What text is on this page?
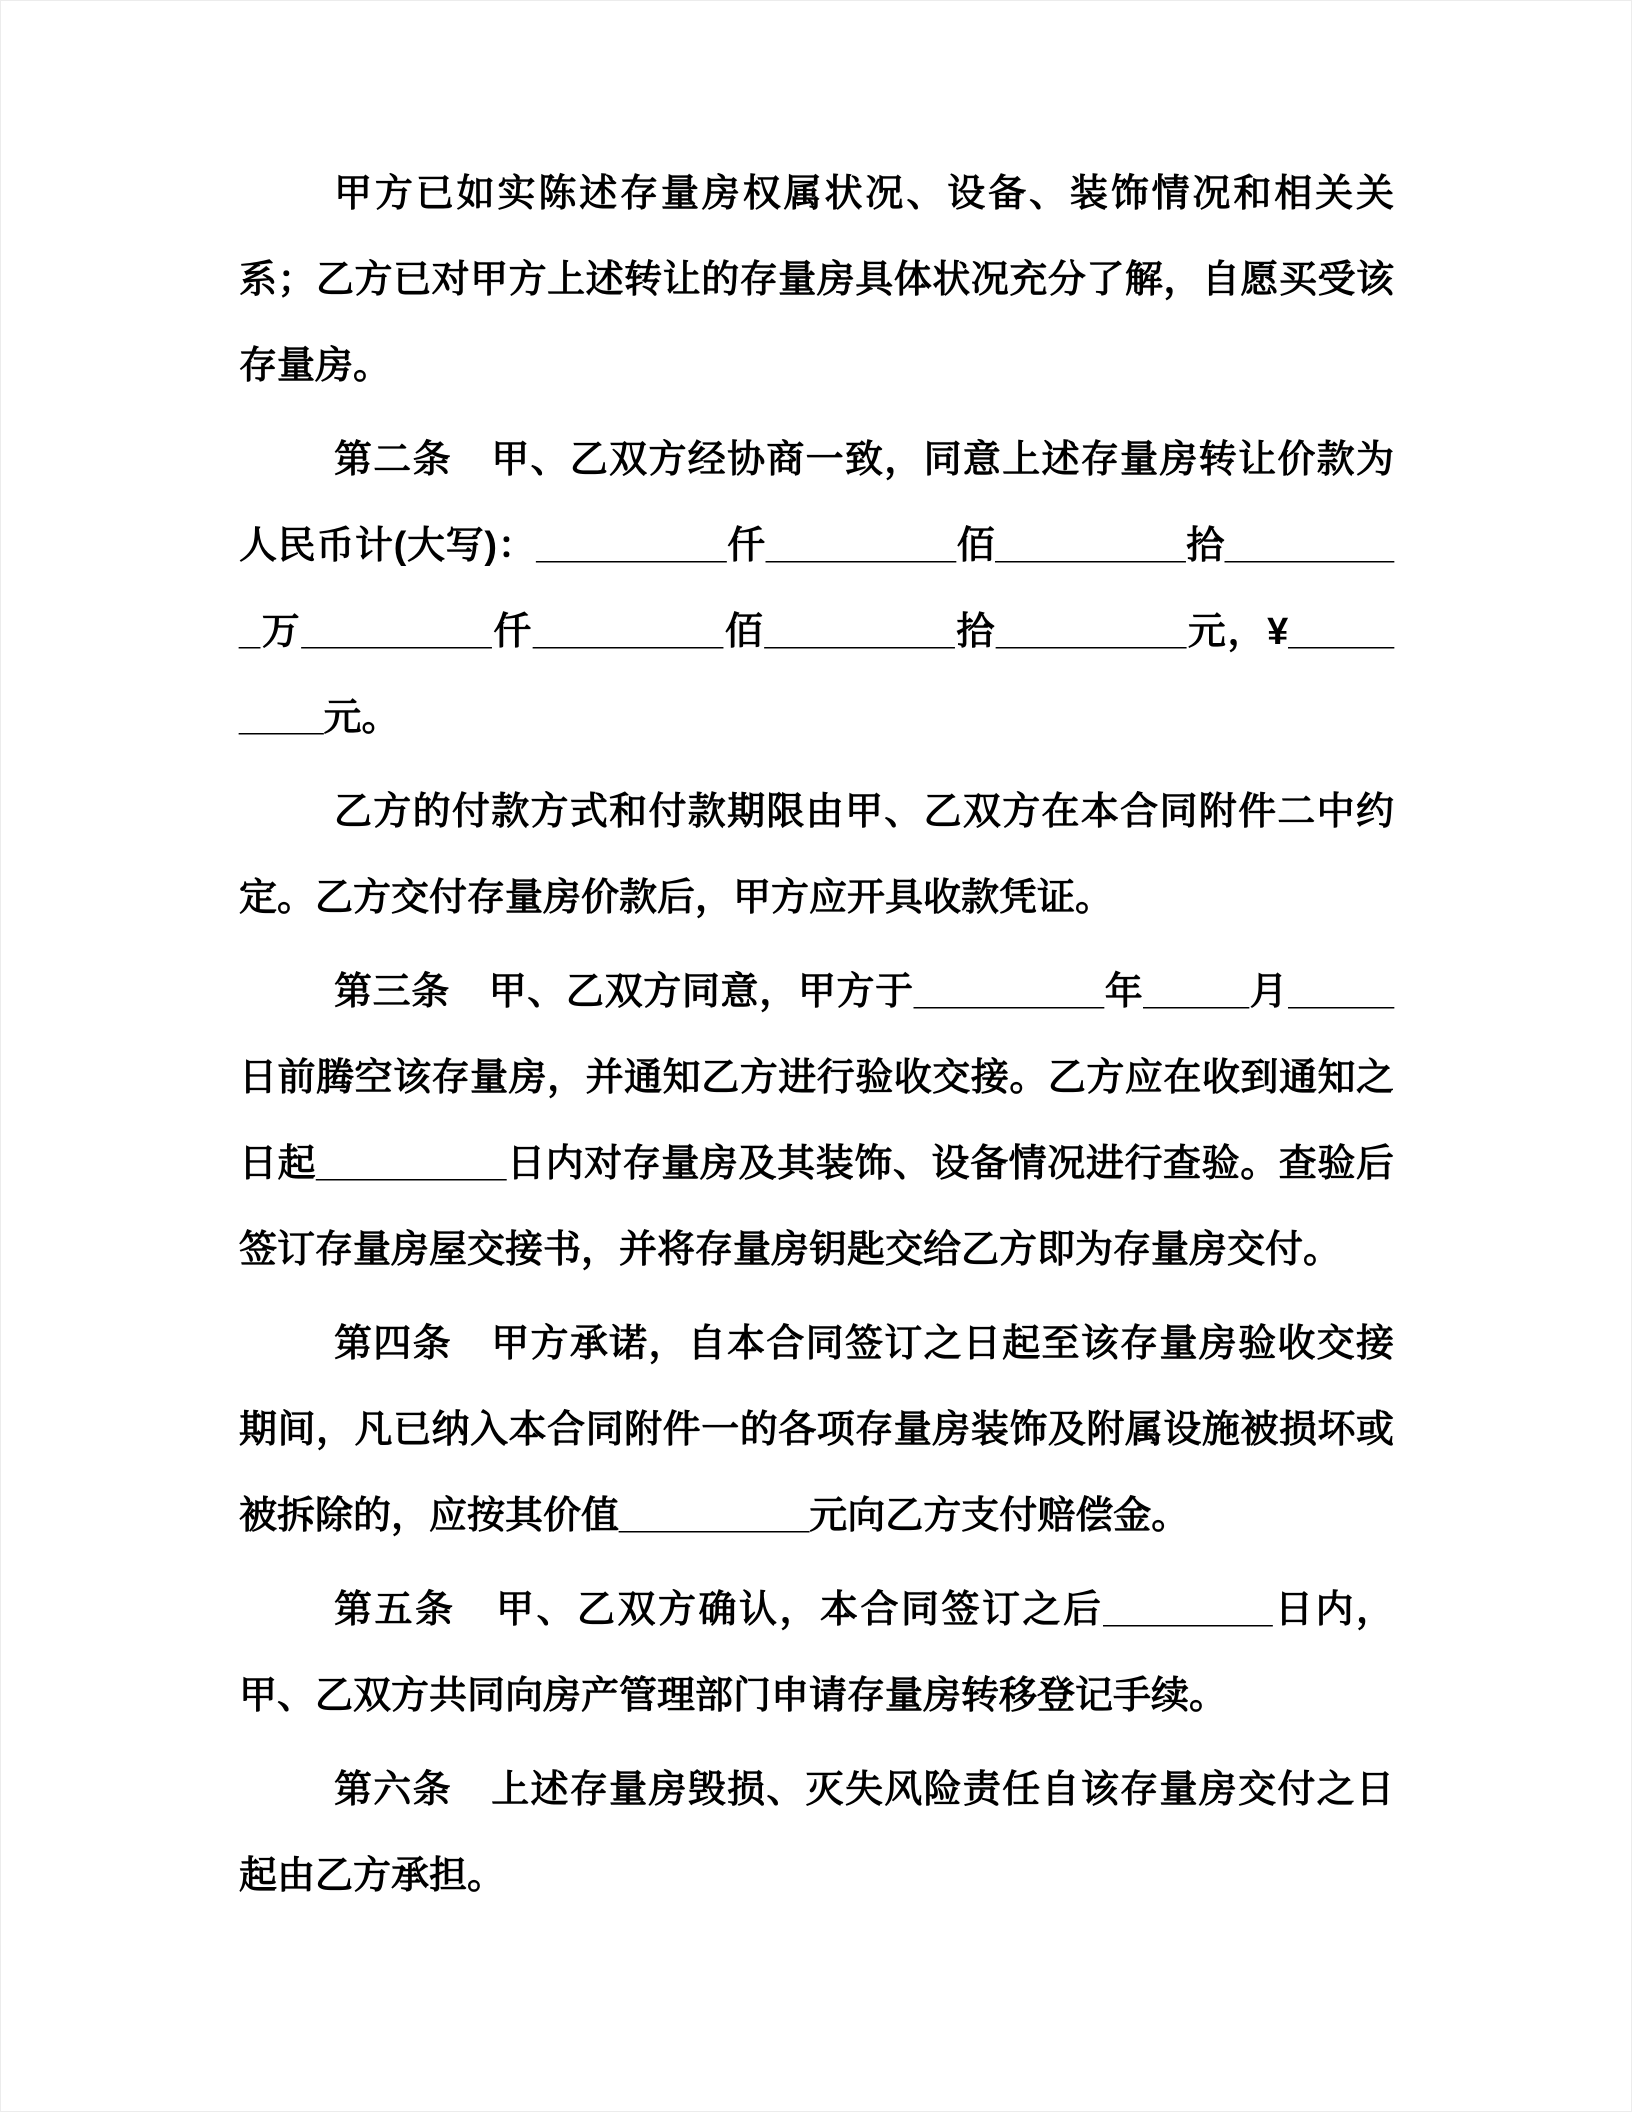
甲方已如实陈述存量房权属状况、设备、装饰情况和相关关系；乙方已对甲方上述转让的存量房具体状况充分了解，自愿买受该存量房。

第二条　甲、乙双方经协商一致，同意上述存量房转让价款为人民币计(大写)：_________仟_________佰_________拾_________万_________仟_________佰_________拾_________元，¥_________元。

乙方的付款方式和付款期限由甲、乙双方在本合同附件二中约定。乙方交付存量房价款后，甲方应开具收款凭证。

第三条　甲、乙双方同意，甲方于_________年_____月_____日前腾空该存量房，并通知乙方进行验收交接。乙方应在收到通知之日起_________日内对存量房及其装饰、设备情况进行查验。查验后签订存量房屋交接书，并将存量房钥匙交给乙方即为存量房交付。

第四条　甲方承诺，自本合同签订之日起至该存量房验收交接期间，凡已纳入本合同附件一的各项存量房装饰及附属设施被损坏或被拆除的，应按其价值_________元向乙方支付赔偿金。

第五条　甲、乙双方确认，本合同签订之后________日内，甲、乙双方共同向房产管理部门申请存量房转移登记手续。

第六条　上述存量房毁损、灭失风险责任自该存量房交付之日起由乙方承担。
